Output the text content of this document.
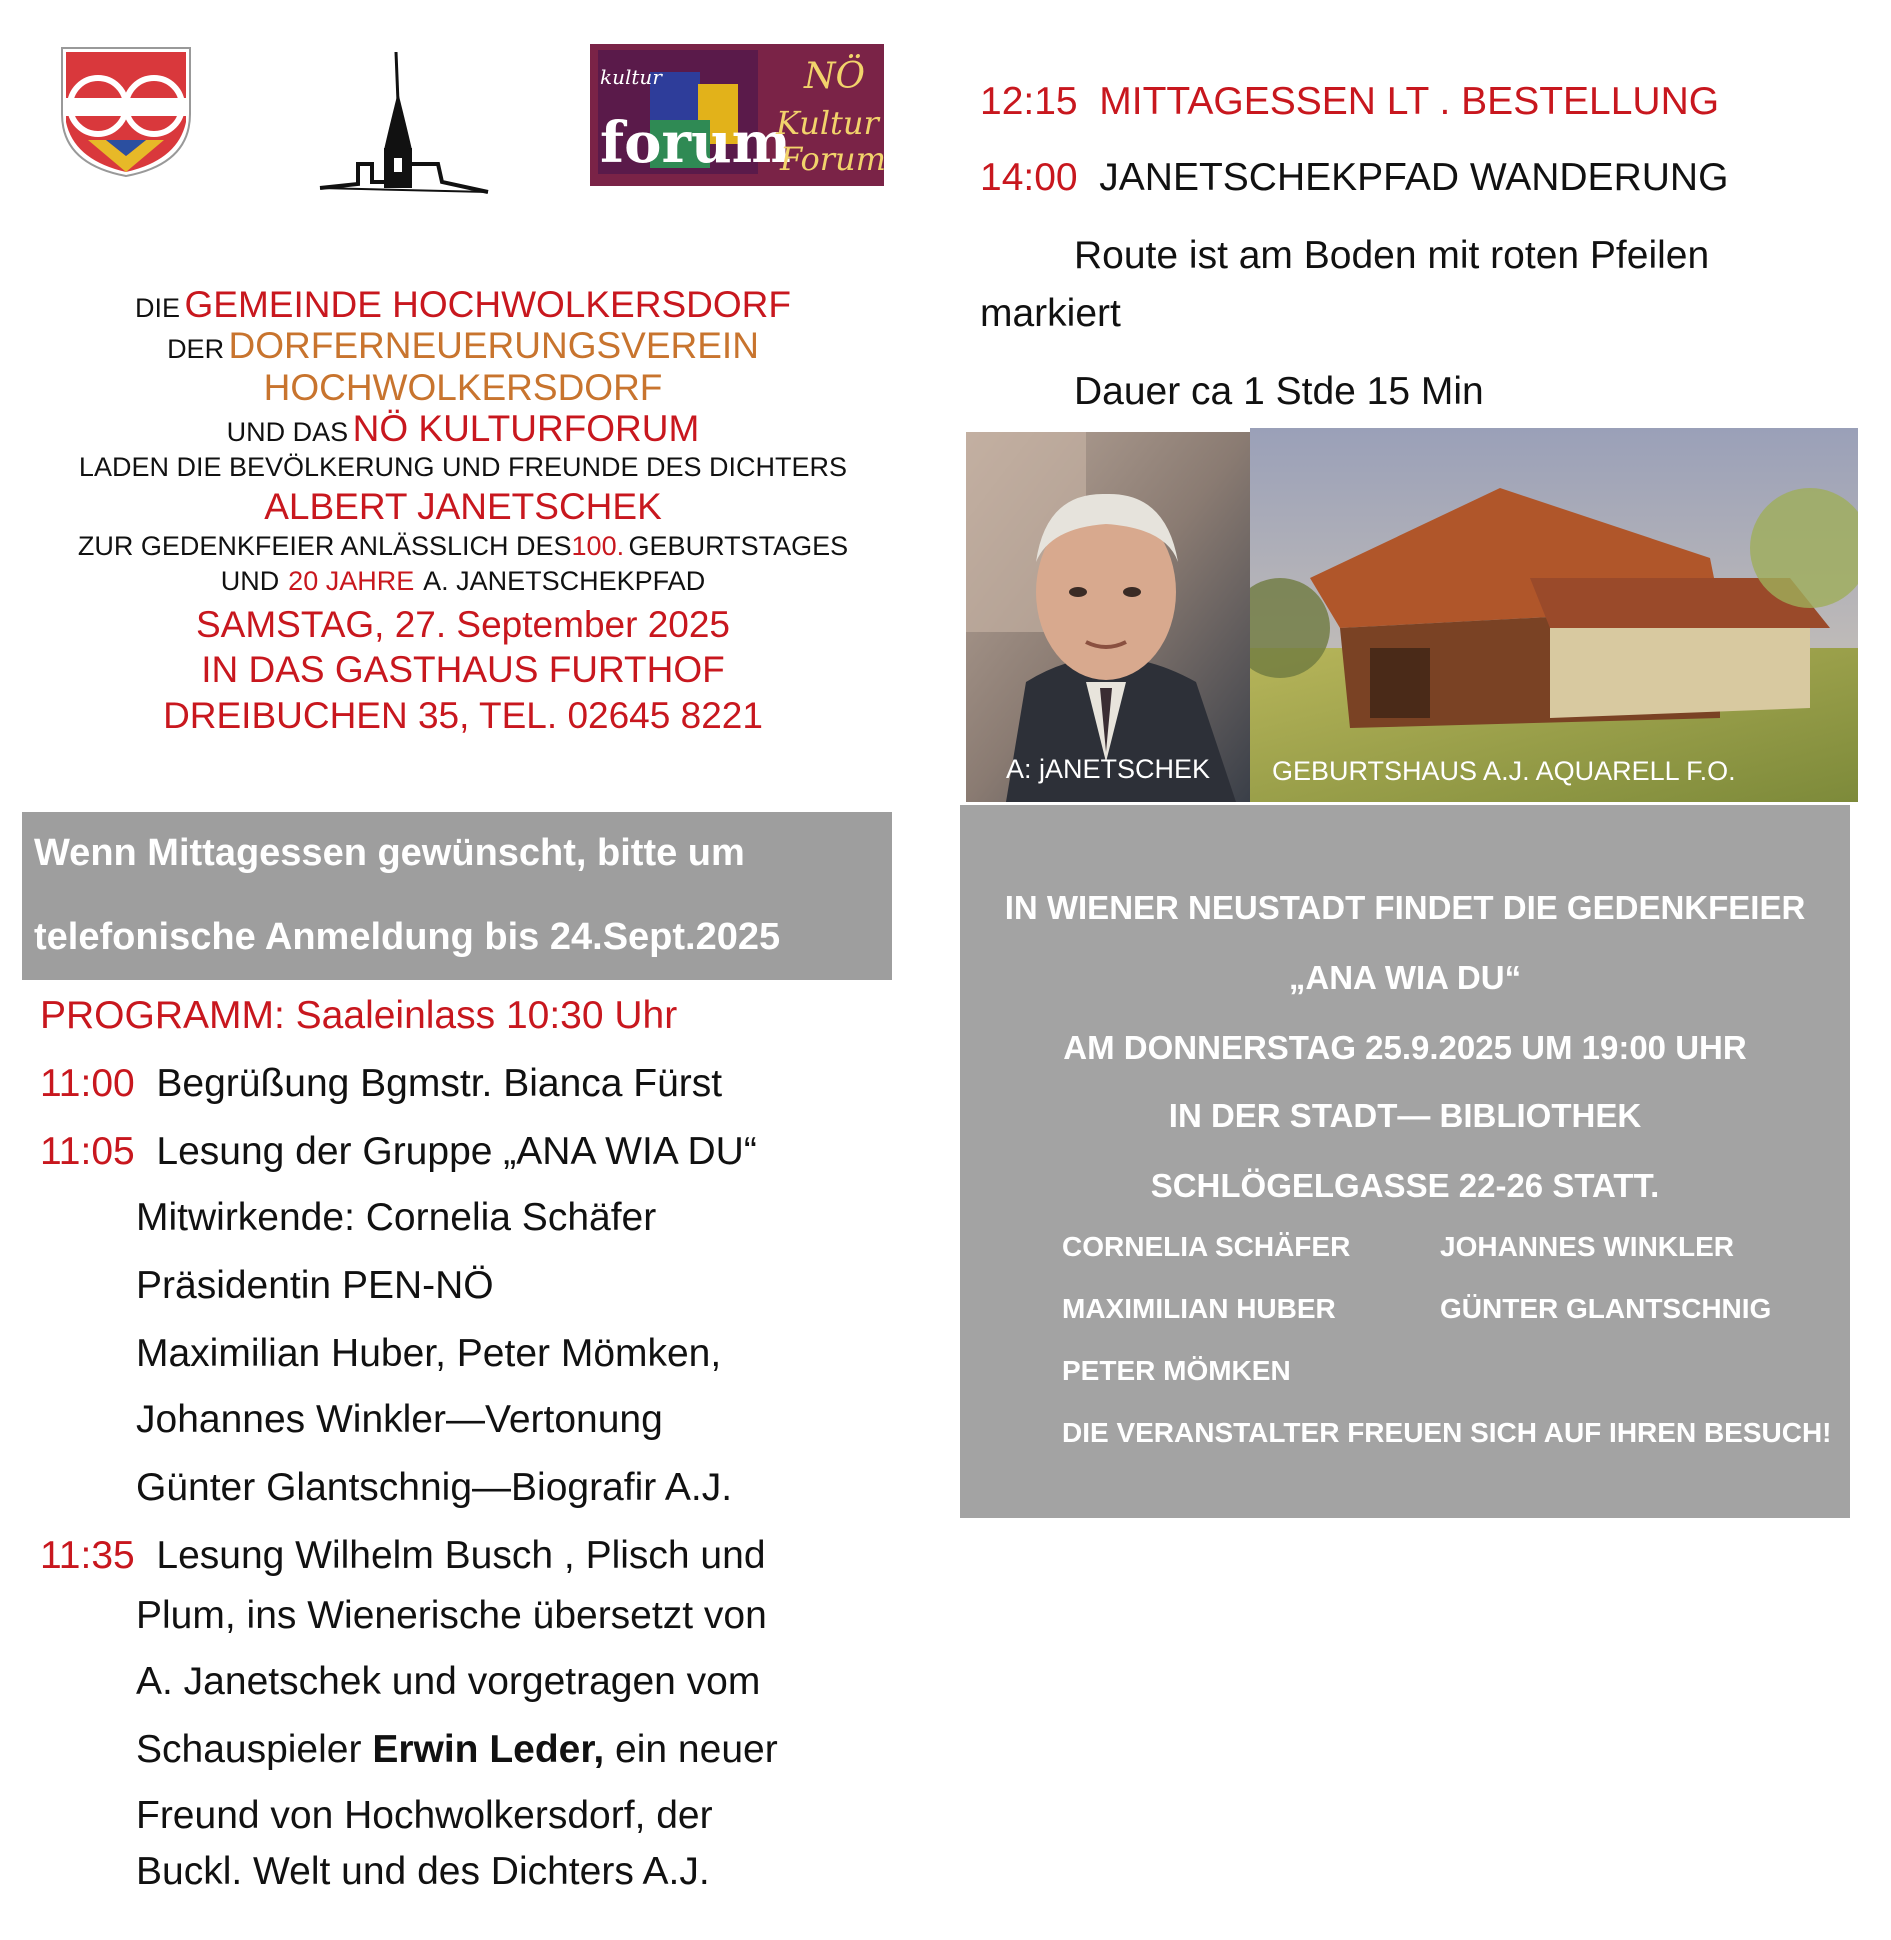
kultur
forum
NÖ
Kultur
Forum
DIE GEMEINDE HOCHWOLKERSDORF
DER DORFERNEUERUNGSVEREIN
HOCHWOLKERSDORF
UND DAS NÖ KULTURFORUM
LADEN DIE BEVÖLKERUNG UND FREUNDE DES DICHTERS
ALBERT JANETSCHEK
ZUR GEDENKFEIER ANLÄSSLICH DES100. GEBURTSTAGES
UND 20 JAHRE A. JANETSCHEKPFAD
SAMSTAG, 27. September 2025
IN DAS GASTHAUS FURTHOF
DREIBUCHEN 35, TEL. 02645 8221
Wenn Mittagessen gewünscht, bitte um
telefonische Anmeldung bis 24.Sept.2025
PROGRAMM: Saaleinlass 10:30 Uhr
11:00 Begrüßung Bgmstr. Bianca Fürst
11:05 Lesung der Gruppe „ANA WIA DU“
Mitwirkende: Cornelia Schäfer
Präsidentin PEN-NÖ
Maximilian Huber, Peter Mömken,
Johannes Winkler—Vertonung
Günter Glantschnig—Biografir A.J.
11:35 Lesung Wilhelm Busch , Plisch und
Plum, ins Wienerische übersetzt von
A. Janetschek und vorgetragen vom
Schauspieler Erwin Leder, ein neuer
Freund von Hochwolkersdorf, der
Buckl. Welt und des Dichters A.J.
12:15 MITTAGESSEN LT . BESTELLUNG
14:00 JANETSCHEKPFAD WANDERUNG
Route ist am Boden mit roten Pfeilen
markiert
Dauer ca 1 Stde 15 Min
A: jANETSCHEK GEBURTSHAUS A.J. AQUARELL F.O.
IN WIENER NEUSTADT FINDET DIE GEDENKFEIER
„ANA WIA DU“
AM DONNERSTAG 25.9.2025 UM 19:00 UHR
IN DER STADT— BIBLIOTHEK
SCHLÖGELGASSE 22-26 STATT.
CORNELIA SCHÄFER	JOHANNES WINKLER
MAXIMILIAN HUBER	GÜNTER GLANTSCHNIG
PETER MÖMKEN
DIE VERANSTALTER FREUEN SICH AUF IHREN BESUCH!
